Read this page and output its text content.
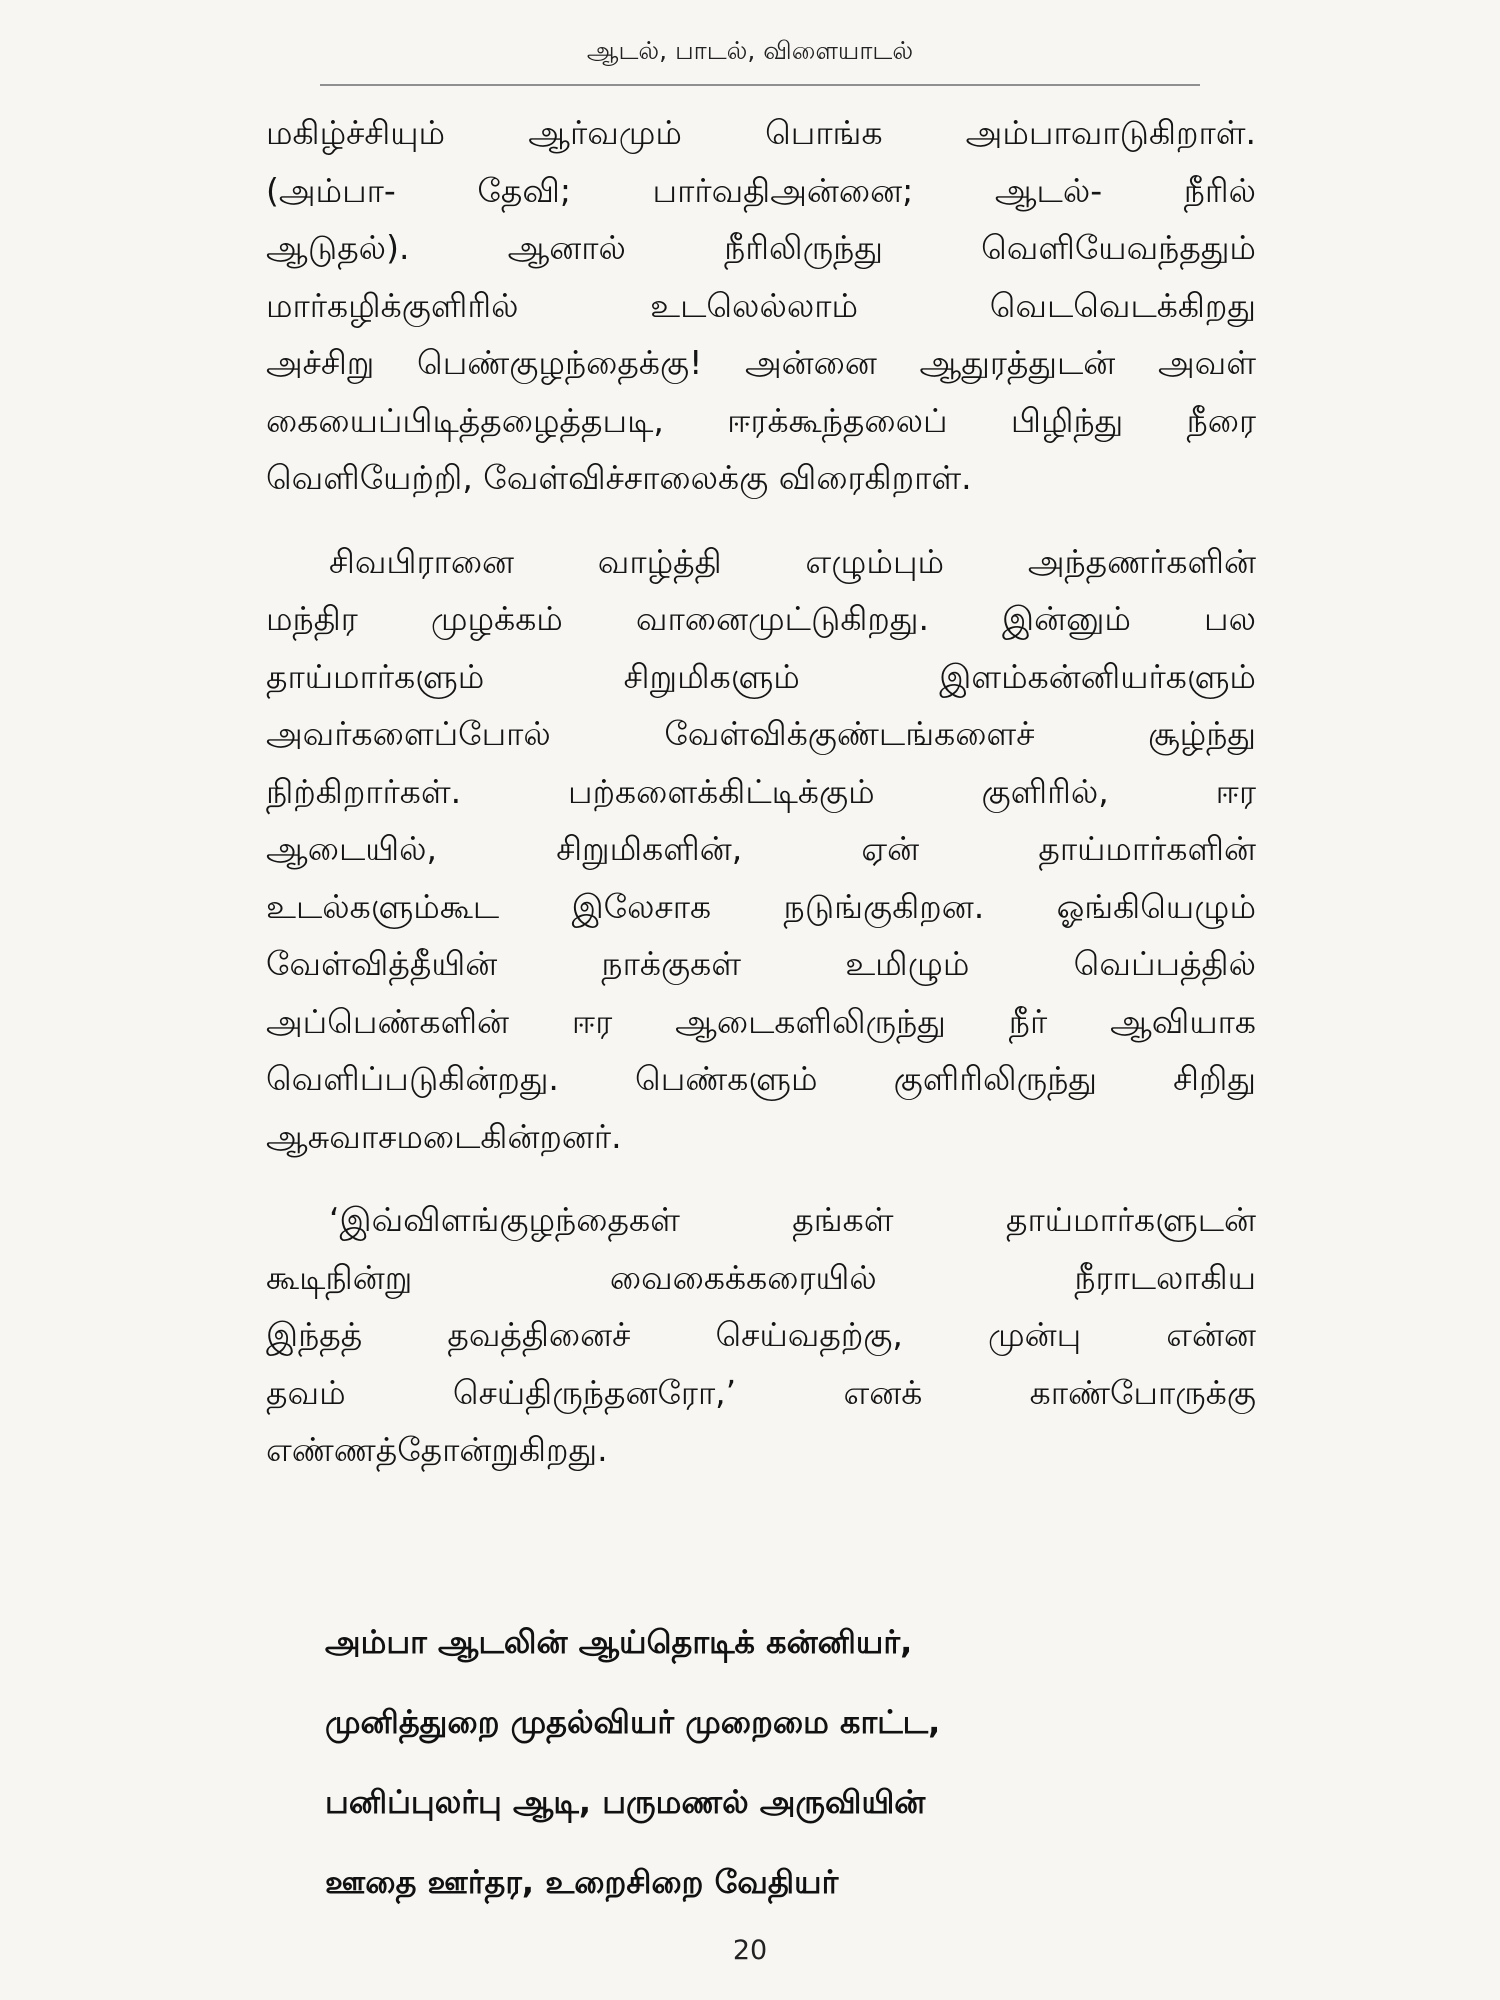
ஆடல், பாடல், விளையாடல்
மகிழ்ச்சியும் ஆர்வமும் பொங்க அம்பாவாடுகிறாள்.
(அம்பா- தேவி; பார்வதிஅன்னை; ஆடல்- நீரில்
ஆடுதல்). ஆனால் நீரிலிருந்து வெளியேவந்ததும்
மார்கழிக்குளிரில் உடலெல்லாம் வெடவெடக்கிறது
அச்சிறு பெண்குழந்தைக்கு! அன்னை ஆதுரத்துடன் அவள்
கையைப்பிடித்தழைத்தபடி, ஈரக்கூந்தலைப் பிழிந்து நீரை
வெளியேற்றி, வேள்விச்சாலைக்கு விரைகிறாள்.
சிவபிரானை வாழ்த்தி எழும்பும் அந்தணர்களின்
மந்திர முழக்கம் வானைமுட்டுகிறது. இன்னும் பல
தாய்மார்களும் சிறுமிகளும் இளம்கன்னியர்களும்
அவர்களைப்போல் வேள்விக்குண்டங்களைச் சூழ்ந்து
நிற்கிறார்கள். பற்களைக்கிட்டிக்கும் குளிரில், ஈர
ஆடையில், சிறுமிகளின், ஏன் தாய்மார்களின்
உடல்களும்கூட இலேசாக நடுங்குகிறன. ஓங்கியெழும்
வேள்வித்தீயின் நாக்குகள் உமிழும் வெப்பத்தில்
அப்பெண்களின் ஈர ஆடைகளிலிருந்து நீர் ஆவியாக
வெளிப்படுகின்றது. பெண்களும் குளிரிலிருந்து சிறிது
ஆசுவாசமடைகின்றனர்.
‘இவ்விளங்குழந்தைகள் தங்கள் தாய்மார்களுடன்
கூடிநின்று வைகைக்கரையில் நீராடலாகிய
இந்தத் தவத்தினைச் செய்வதற்கு, முன்பு என்ன
தவம் செய்திருந்தனரோ,’ எனக் காண்போருக்கு
எண்ணத்தோன்றுகிறது.
அம்பா ஆடலின் ஆய்தொடிக் கன்னியர்,
முனித்துறை முதல்வியர் முறைமை காட்ட,
பனிப்புலர்பு ஆடி, பருமணல் அருவியின்
ஊதை ஊர்தர, உறைசிறை வேதியர்
20
